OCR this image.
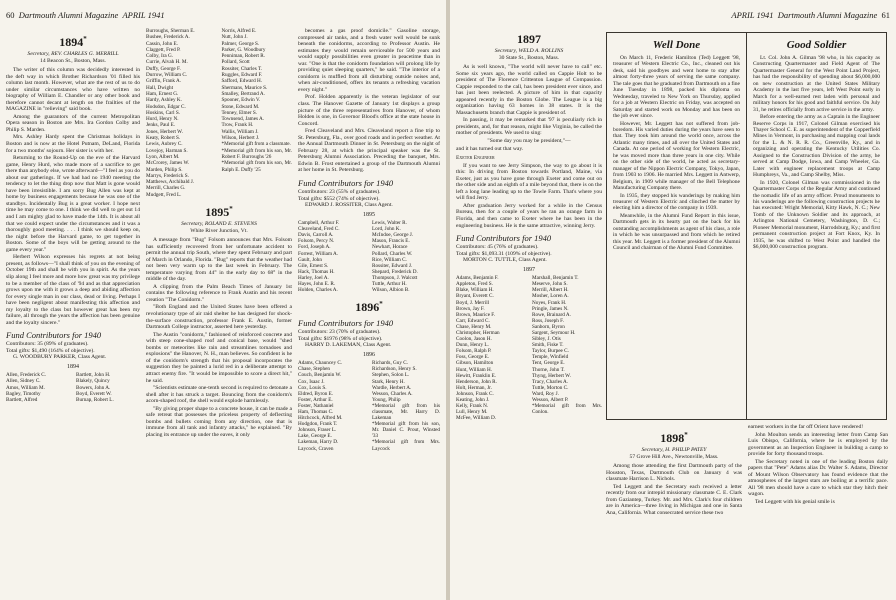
60 Dartmouth Alumni Magazine APRIL 1941
1894*
Secretary, REV. CHARLES G. MERRILL
14 Beacon St., Boston, Mass.

The writer of this column was decidedly interested in the deft way in which Brother Richardson '01 filled his column last month. However, what are the rest of us to do under similar circumstances who have written no biography of William E. Chandler or any other book and therefore cannot decant at length on the frailties of the MAGAZINE in "relieving" said book.

Among the guarantors of the current Metropolitan Opera season in Boston are Mrs. Ira Gordon Colby and Philip S. Marden.

Mrs. Ashley Hardy spent the Christmas holidays in Boston and is now at the Hotel Putnam, DeLand, Florida for a two months' sojourn. Her sister is with her.

Returning to the Round-Up on the eve of the Harvard game, Henry Hurd, who made more of a sacrifice to get there than anybody else, wrote afterward—"I feel as you do about our gatherings. If we had had no 1940 meeting the tendency to let the thing drop now that Matt is gone would have been irresistible. I am sorry Bug Allen was kept at home by business engagements because he was one of the standbys. Incidentally Bug is a great worker. I hope next time he may come to one. I think we did well to get out 14 and I am mighty glad to have made the 14th. It is about all that we could expect under the circumstances and it was a thoroughly good meeting. . . . I think we should keep on, the night before the Harvard game, to get together in Boston. Some of the boys will be getting around to the game every year."

Herbert Wilson expresses his regrets at not being present, as follows—"I shall think of you on the evening of October 19th and shall be with you in spirit. As the years slip along I feel more and more how great was my privilege to be a member of the class of '94 and as that appreciation grows upon me with it grows a deep and abiding affection for every single man in our class, dead or living. Perhaps I have been negligent about manifesting this affection and my loyalty to the class but however great has been my failure, all through the years the affection has been genuine and the loyalty sincere."

Fund Contributors for 1940
Contributors: 35 (89% of graduates).
Total gifts: $1,490 (164% of objective).
G. WOODBURY PARKER, Class Agent.
1894
Allen, Frederick C.
Allen, Sidney C.
Amos, William M.
Bagley, Timothy
Bartlett, Alfred
Bartlett, John H.
Blakely, Quincy
Bowers, John A.
Boyd, Everett W.
Burnap, Robert L.
Burroughs, Sherman E.
Bushee, Frederick A.
Cassin, John E.
Claggett, Fred P.
Colby, Ira G.
Currie, Alvah H. M.
Duffy, George F.
Durrow, William C.
Griffin, Frank A.
Hall, Dwight
Ham, Ernest G.
Hardy, Ashley K.
Hodsdon, Edgar C.
Hoskins, Carl S.
Hurd, Henry N.
Jenks, Paul E.
Jones, Herbert W.
Keaty, Robert S.
Lewis, Aubrey C.
Lovejoy, Harman S.
Lyon, Albert M.
McCrorey, James W.
Marden, Philip S.
Marrys, Frederick S.
Matthews, Archibald J.
Merrill, Charles G.
Mudgett, Fred L.
Norris, Alfred E.
Nutt, John J.
Palmer, George S.
Parker, G. Woodbury
Penniman, Robert R.
Pollard, Scott
Rossiter, Charles T.
Ruggles, Edward F.
Safford, Edward H.
Shermans, Maurice S.
Smalley, Bertrand A.
Spooner, Edwin V.
Stone, Edward M.
Tenney, Elmer S.
Townsend, James A.
Trow, Frank H.
Wallis, William J.
Wilson, Herbert J.
*Memorial gift from a classmate.
*Memorial gift from his son, Mr. Robert F. Burroughs '26
*Memorial gift from his son, Mr. Ralph E. Duffy '25
1895*
Secretary, ROLAND E. STEVENS
White River Junction, Vt.

A message from "Bug" Folsom announces that Mrs. Folsom has sufficiently recovered from her unfortunate accident to permit the annual trip South, where they spent February and part of March in Orlando, Florida. "Bug" reports that the weather had not been very warm up to the last week in February. The temperature varying from 44° in the early day to 68° in the middle of the day.

A clipping from the Palm Beach Times of January 1st contains the following reference to Frank Austin and his recent creation "The Conidorm."

"Both England and the United States have been offered a revolutionary type of air raid shelter he has designed for shock-the-surface construction, professor Frank E. Austin, former Dartmouth College instructor, asserted here yesterday.

The Austin "conidorm," fashioned of reinforced concrete and with steep cone-shaped roof and conical base, would "shed bombs or meteorites like rain and streamlines tornadoes and explosions" the Hanover, N. H., man believes. So confident is he of the conidorm's strength that his proposal incorporates the suggestion they be painted a lurid red in a deliberate attempt to attract enemy fire. "It would be impossible to score a direct hit," he said.

"Scientists estimate one-tenth second is required to detonate a shell after it has struck a target. Bouncing from the conidorm's acorn-shaped roof, the shell would explode harmlessly.

"By giving proper shape to a concrete house, it can be made a safe retreat that possesses the priceless property of deflecting bombs and bullets coming from any direction, one that is immune from all tank and infantry attacks," he explained. "By placing its entrance up under the eaves, it only

becomes a gas proof domicile." Gasoline storage, compressed air tanks, and a fresh water well would be sunk beneath the conidorms, according to Professor Austin. He estimates they would remain serviceable for 500 years and would supply possibilities even greater in peacetime than in war. "One is that the conidorm foundation will prolong life by providing quiet sleeping quarters," he said. "The interior of a conidorm is muffled from all disturbing outside noises and, when air-conditioned, offers its tenants a refreshing vacation every night."

Prof. Holden apparently is the veteran legislator of our class. The Hanover Gazette of January 1st displays a group picture of the three representatives from Hanover, of whom Holden is one, in Governor Blood's office at the state house in Concord.

Fred Cleaveland and Mrs. Cleaveland report a fine trip to St. Petersburg, Fla., over good roads and in perfect weather. At the Annual Dartmouth Dinner in St. Petersburg on the night of February 28, at which the principal speaker was the St. Petersburg Alumni Association. Preceding the banquet, Mrs. Edwin B. Frost entertained a group of the Dartmouth Alumni at her home in St. Petersburg.

Fund Contributors for 1940
Contributors: 23 (55% of graduates).
Total gifts: $552 (74% of objective).
EDWARD J. ROSSITER, Class Agent.
1895
Campbell, Arthur F.
Cleaveland, Fred C.
Davis, Carroll A.
Folsom, Percy N.
Ford, Joseph A.
Forrest, William A.
Gault, John
Gile, Ernest S.
Hack, Thomas H.
Harley, Joel A.
Hayes, John E. R.
Holden, Charles A.
Lewis, Walter R.
Lord, John K.
McIndoe, George J.
Mason, Francis E.
Newhart, Horace
Pollard, Charles W.
Rice, William C.
Rossiter, Edward J.
Shepard, Frederick D.
Thompson, J. Walcott
Tuttle, Arthur H.
Wilson, Albion B.
1896*
Fund Contributors for 1940
Contributors: 23 (70% of graduates).
Total gifts: $1976 (98% of objective).
HARRY D. LAKEMAN, Class Agent.
1896
Adams, Chauncey C.
Chase, Stephen
Couch, Benjamin W.
Cox, Isaac J.
Cox, Louis S.
Eldred, Byron E.
Foster, Arthur E.
Foster, Nathaniel
Ham, Thomas C.
Hitchcock, Alfred M.
Hodgdon, Frank T.
Johnson, Fraser L.
Lake, George E.
Lakeman, Harry D.
Laycock, Craven
Richards, Guy C.
Richardson, Henry S.
Stephen, Solon L.
Stark, Henry H.
Wardle, Herbert A.
Wesson, Charles A.
Young, Philip
*Memorial gift from his classmate, Mr. Harry D. Lakeman
*Memorial gift from his son, Mr. Daniel C. Prout, Winsted '33
*Memorial gift from Mrs. Laycock
APRIL 1941 Dartmouth Alumni Magazine 61
1897
Secretary, WELD A. ROLLINS
30 State St., Boston, Mass.

As is well known, "The world will never have to call" etc. Some six years ago, the world called on Cappie Holt to be president of The Florence Crittenton League of Compassion. Cappie responded to the call, has been president ever since, and has just been reelected. A picture of him in that capacity appeared recently in the Boston Globe. The League is a big organization having 63 homes in 38 states. It is the Massachusetts branch that Cappie is president of.

In passing, it may be remarked that '97 is peculiarly rich in presidents, and, for that reason, might like Virginia, be called the mother of presidents. We used to sing:

"Some day you may be president,"—

and it has turned out that way.

Exeter Engineer

If you want to see Jerry Simpson, the way to go about it is this: In driving from Boston towards Portland, Maine, via Exeter, just as you have gone through Exeter and come out on the other side and an eighth of a mile beyond that, there is on the left a long lane leading up to the Towle Farm. That's where you will find Jerry.

After graduation Jerry worked for a while in the Census Bureau, then for a couple of years he ran an orange farm in Florida, and then came to Exeter where he has been in the engineering business. He is the same attractive, winning Jerry.

Fund Contributors for 1940
Contributors: 45 (76% of graduates).
Total gifts: $1,093.31 (109% of objective).
MORTON C. TUTTLE, Class Agent.
1897
Adams, Benjamin F.
Appleton, Fred S.
Blake, William H.
Bryant, Everett C.
Boyd, J. Merrill
Brown, Jay F.
Brown, Maurice F.
Carr, Edward C.
Chase, Henry M.
Christopher, Herman
Coolon, Jason H.
Dunn, Henry L.
Folsom, Ralph P.
Foss, George E.
Gibson, Hamilton
Hunt, William H.
Hewitt, Franklin E.
Henderson, John R.
Holt, Herman, Jr.
Johnson, Frank C.
Keating, John J.
Kelly, Frank N.
Lull, Henry M.
McFee, William D.
Marshall, Benjamin T.
Meserve, John S.
Merrill, Albert H.
Mosher, Loren A.
Noyes, Frank H.
Pringle, James N.
Rowe, Brainard A.
Ross, Joseph F.
Sanborn, Byron
Sargent, Seymour H.
Sibley, J. Otis
Smith, Fiske T.
Taylor, Burpee C.
Temple, Winfield
Tent, George E.
Thorne, John T.
Thyng, Herbert W.
Tracy, Charles A.
Tuttle, Morton C.
Ward, Roy J.
Wesson, Albert P.
*Memorial gift from Mrs. Conlon.
Well Done

On March 11, Frederic Hamilton (Ted) Leggett '98, treasurer of Western Electric Co., Inc., cleaned out his desk, said his goodbyes and went home to stay after almost forty-three years of serving the same company. The tale goes that he graduated from Dartmouth on a fine June Tuesday in 1898, packed his diploma on Wednesday, traveled to New York on Thursday, applied for a job at Western Electric on Friday, was accepted on Saturday and started work on Monday and has been on the job ever since.

However, Mr. Leggett has not suffered from job-boredom. His varied duties during the years have seen to that. They took him around the world once, across the Atlantic many times, and all over the United States and Canada. At one period of working for Western Electric, he was moved more than three years in one city. While on the other side of the world, he acted as secretary-manager of the Nippon Electric Company, Tokyo, Japan, from 1903 to 1906. He married Mrs. Leggett in Antwerp, Belgium, in 1909 while manager of the Bell Telephone Manufacturing Company there.

In 1935, they stopped his wanderings by making him treasurer of Western Electric and clinched the matter by electing him a director of the company in 1939.

Meanwhile, in the Alumni Fund Report in this issue, Dartmouth gets in its hearty pat on the back for his outstanding accomplishments as agent of his class, a role in which he was unsurpassed and from which he retired this year. Mr. Leggett is a former president of the Alumni Council and chairman of the Alumni Fund Committee.

Good Soldier

Lt. Col. John A. Gilman '98 who, in his capacity as Constructing Quartermaster and Field Agent of The Quartermaster General for the West Point Land Project, has had the responsibility of spending about $6,000,000 on new construction at the United States Military Academy in the last five years, left West Point early in March for a well-earned rest laden with personal and military honors for his good and faithful service. On July 31, he retires officially from active service in the army.

Before entering the army as a Captain in the Engineer Reserve Corps in 1917, Colonel Gilman exercised his Thayer School C. E. as superintendent of the Copperfield Mines in Vermont, in purchasing and mapping coal lands for the L. & N. R. R. Co., Greenville, Ky., and in organizing and operating the Kentucky Utilities Co. Assigned to the Construction Division of the army, he served at Camp Dodge, Iowa, and Camp Wheeler, Ga. Later with engineer replacement troops at Camp Humphreys, Va., and Camp Shelby, Miss.

In 1920, Colonel Gilman was commissioned in the Quartermaster Corps of the Regular Army and continued the nomadic life of an army officer. Proud monuments to his wanderings are the following construction projects he has executed: Wright Memorial, Kitty Hawk, N. C.; New Tomb of the Unknown Soldier and its approach, at Arlington National Cemetery, Washington, D. C.; Pioneer Memorial monument, Harrodsburg, Ky.; and first permanent construction project at Fort Knox, Ky. In 1935, he was shifted to West Point and handled the $6,000,000 construction program.

1898*
Secretary, H. PHILIP PATEY
57 Grove Hill Ave., Newtonville, Mass.

Among those attending the first Dartmouth party of the Houston, Texas, Dartmouth Club on January 4 was classmate Harrison L. Nichols.

Ted Leggett and the Secretary each received a letter recently from our intrepid missionary classmate C. E. Clark from Gaziantep, Turkey. Mr. and Mrs. Clark's four children are in America—three living in Michigan and one in Santa Ana, California. What consecrated service these two

earnest workers in the far off Orient have rendered!

John Moulton sends an interesting letter from Camp San Luis Obispo, California, where he is employed by the government as an Inspection Engineer in building a camp to provide for forty thousand troops.

The Secretary noted in one of the leading Boston daily papers that "Pete" Adams alias Dr. Walter S. Adams, Director of Mount Wilson Observatory has found evidence that the atmospheres of the largest stars are boiling at a terrific pace. All '98 men should have a care to which star they hitch their wagon.

Ted Leggett with his genial smile is
